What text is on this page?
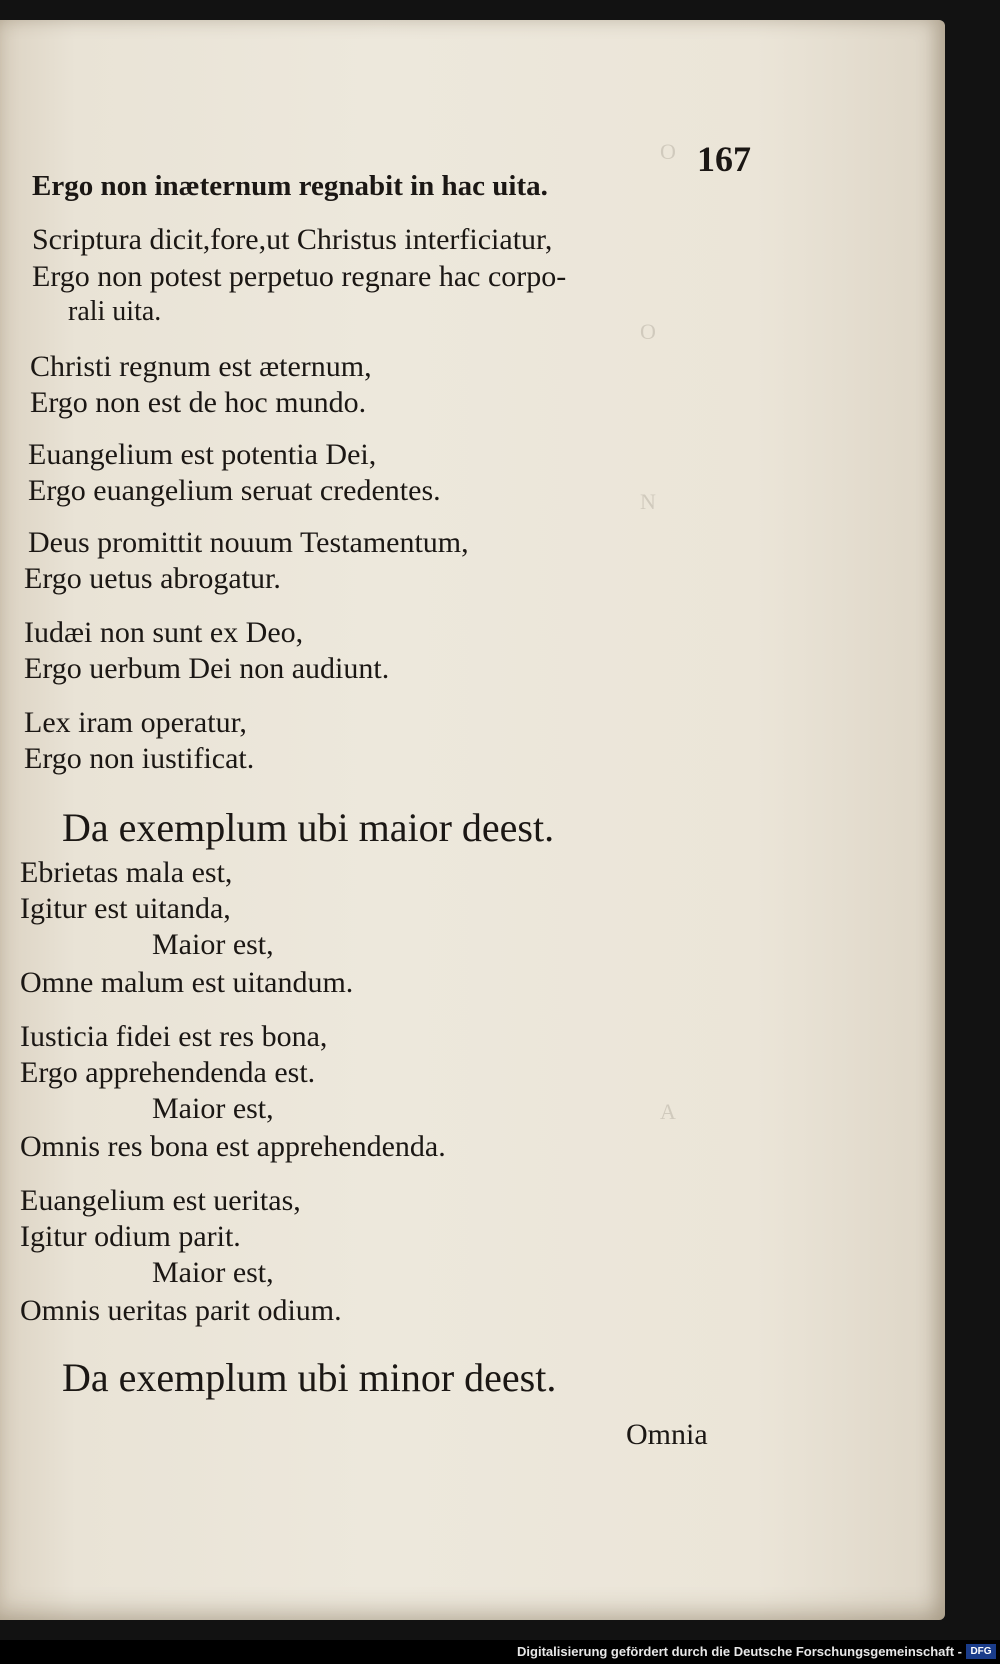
O
O
N
A
167
Ergo non inæternum regnabit in hac uita.
Scriptura dicit,fore,ut Christus interficiatur,
Ergo non potest perpetuo regnare hac corpo-
rali uita.
Christi regnum est æternum,
Ergo non est de hoc mundo.
Euangelium est potentia Dei,
Ergo euangelium seruat credentes.
Deus promittit nouum Testamentum,
Ergo uetus abrogatur.
Iudæi non sunt ex Deo,
Ergo uerbum Dei non audiunt.
Lex iram operatur,
Ergo non iustificat.
Da exemplum ubi maior deest.
Ebrietas mala est,
Igitur est uitanda,
Maior est,
Omne malum est uitandum.
Iusticia fidei est res bona,
Ergo apprehendenda est.
Maior est,
Omnis res bona est apprehendenda.
Euangelium est ueritas,
Igitur odium parit.
Maior est,
Omnis ueritas parit odium.
Da exemplum ubi minor deest.
Omnia
Digitalisierung gefördert durch die Deutsche Forschungsgemeinschaft - DFG
